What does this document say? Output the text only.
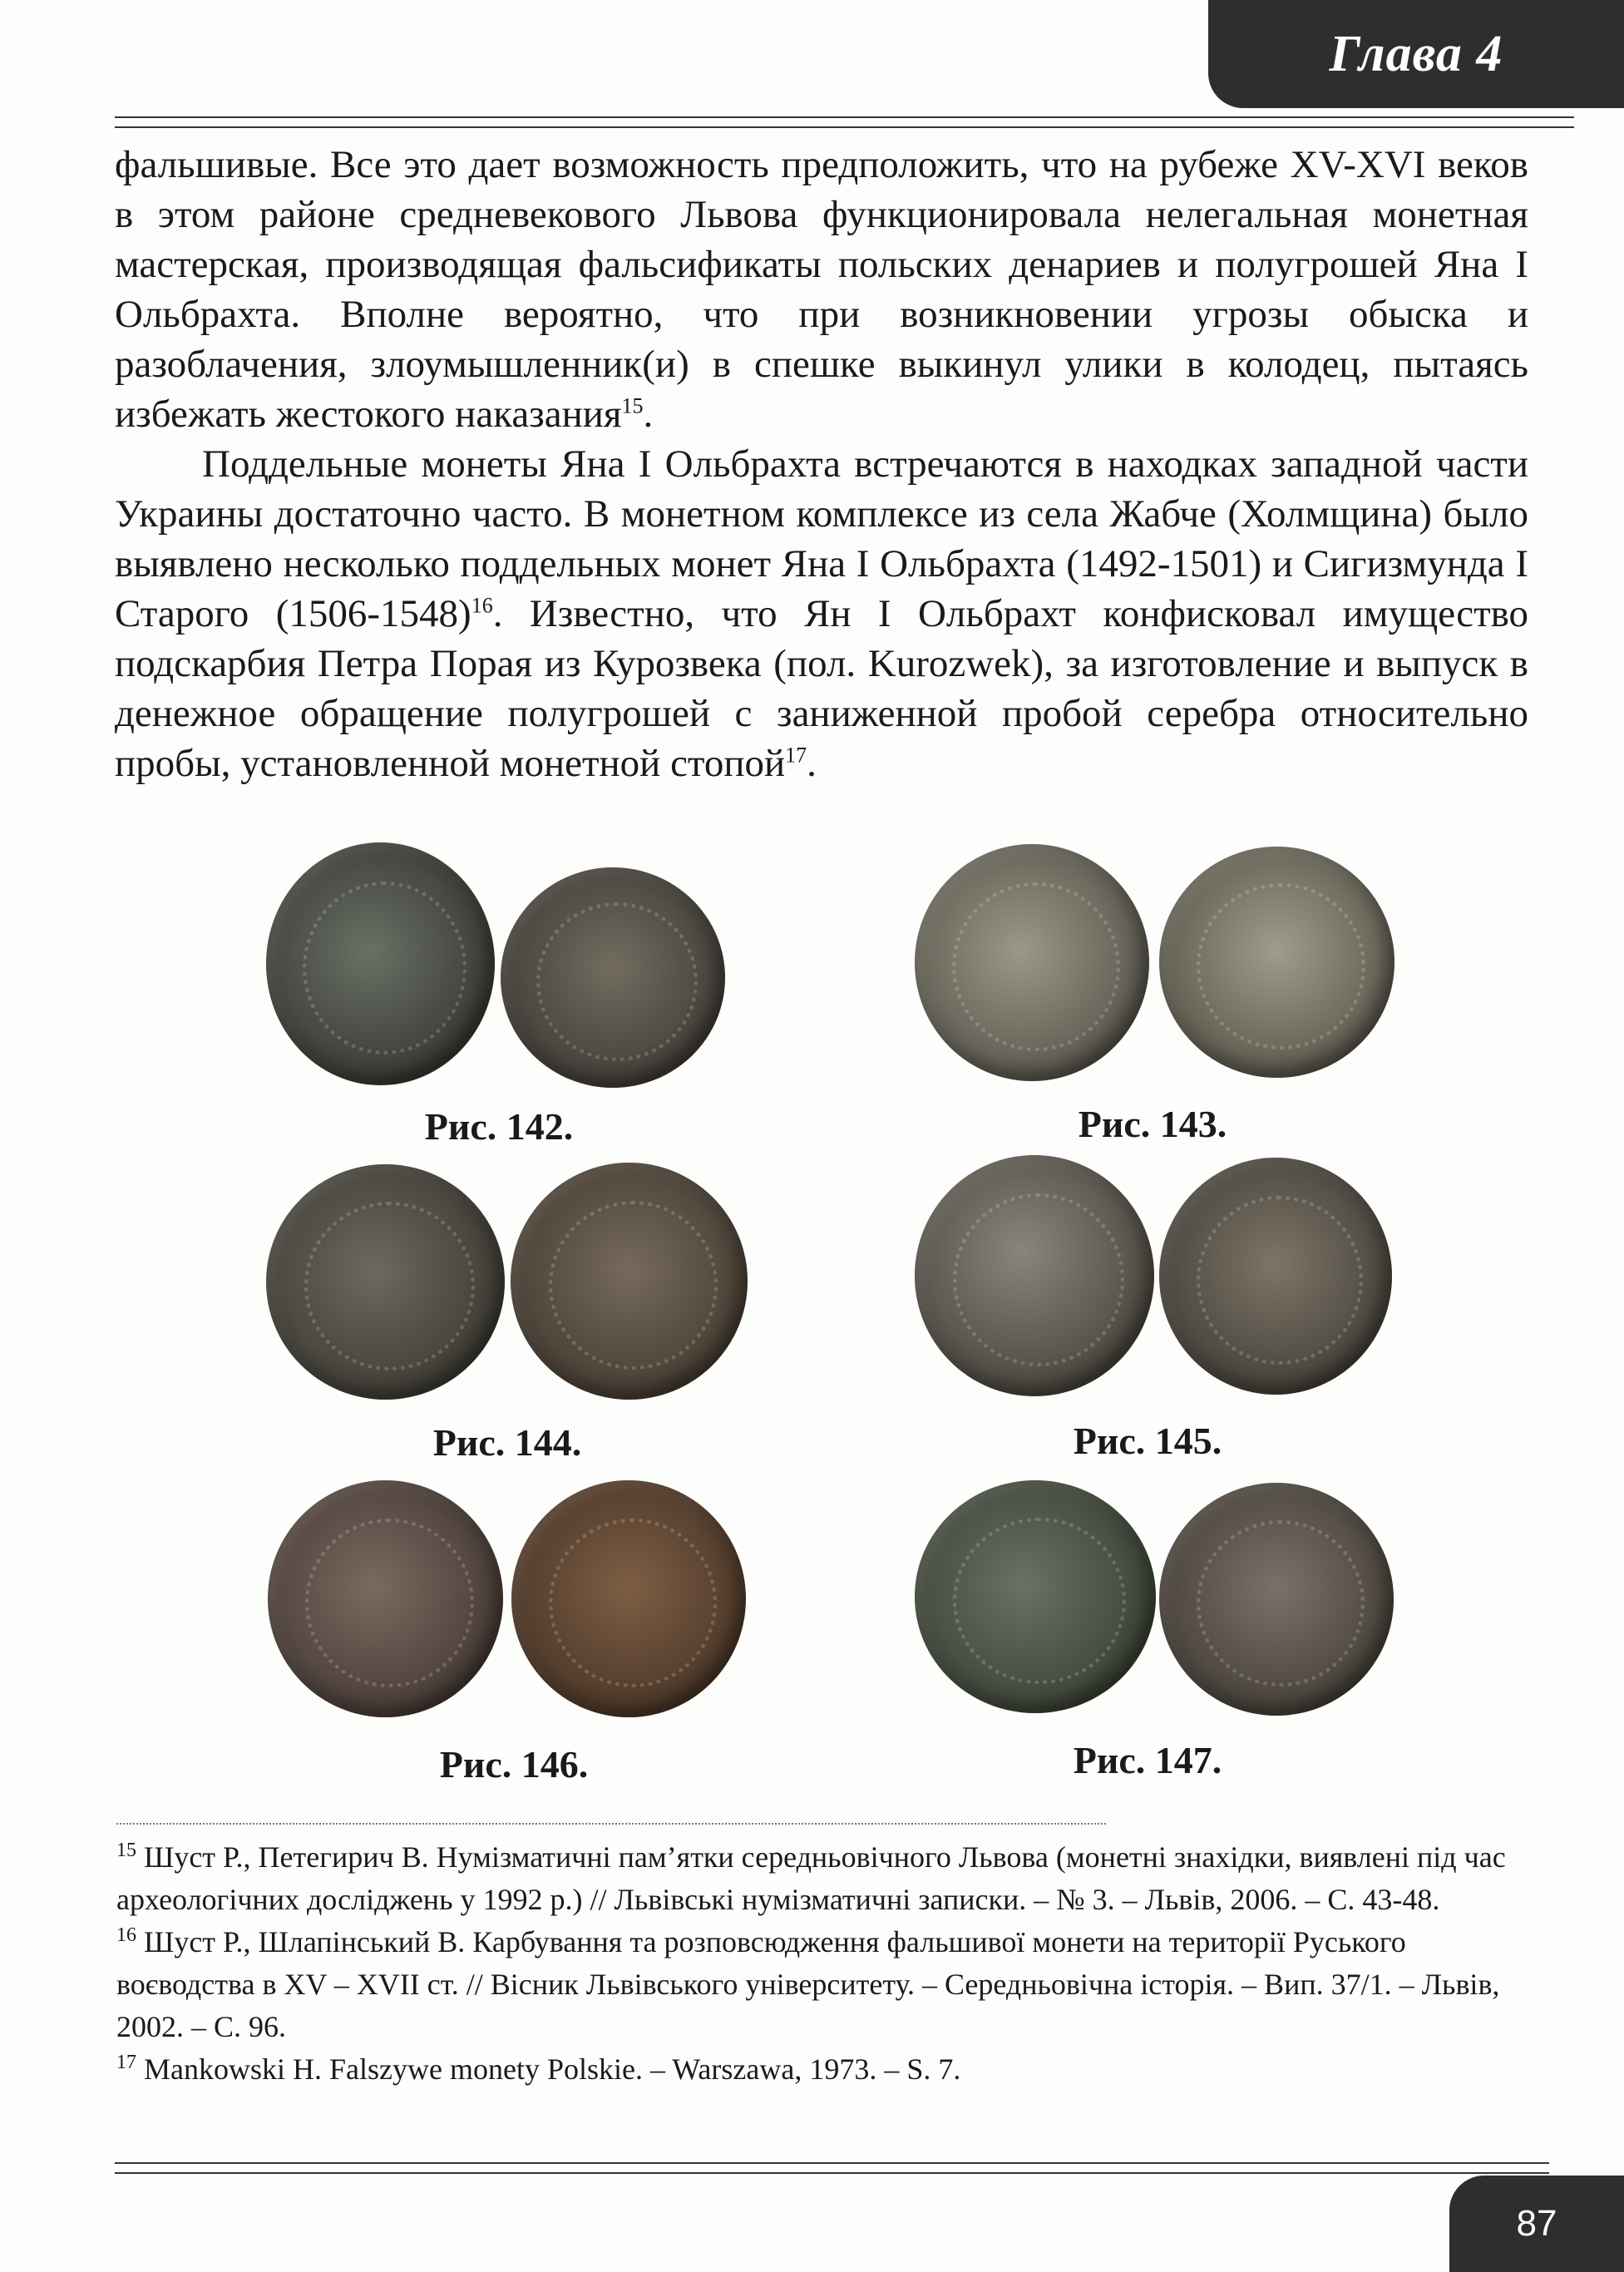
Глава 4

фальшивые. Все это дает возможность предположить, что на рубеже XV-XVI веков в этом районе средневекового Львова функционировала нелегальная монетная мастерская, производящая фальсификаты польских денариев и полугрошей Яна I Ольбрахта. Вполне вероятно, что при возникновении угрозы обыска и разоблачения, злоумышленник(и) в спешке выкинул улики в колодец, пытаясь избежать жестокого наказания$^{15}$.

Поддельные монеты Яна I Ольбрахта встречаются в находках западной части Украины достаточно часто. В монетном комплексе из села Жабче (Холмщина) было выявлено несколько поддельных монет Яна I Ольбрахта (1492-1501) и Сигизмунда I Старого (1506-1548)$^{16}$. Известно, что Ян I Ольбрахт конфисковал имущество подскарбия Петра Порая из Курозвека (пол. Kurozwek), за изготовление и выпуск в денежное обращение полугрошей с заниженной пробой серебра относительно пробы, установленной монетной стопой$^{17}$.

Рис. 142.	Рис. 143.
Рис. 144.	Рис. 145.
Рис. 146.	Рис. 147.

$^{15}$ Шуст Р., Петегирич В. Нумізматичні пам’ятки середньовічного Львова (монетні знахідки, виявлені під час археологічних досліджень у 1992 р.) // Львівські нумізматичні записки. – № 3. – Львів, 2006. – С. 43-48.

$^{16}$ Шуст Р., Шлапінський В. Карбування та розповсюдження фальшивої монети на території Руського воєводства в XV – XVII ст. // Вісник Львівського університету. – Середньовічна історія. – Вип. 37/1. – Львів, 2002. – С. 96.

$^{17}$ Mankowski H. Falszywe monety Polskie. – Warszawa, 1973. – S. 7.

87
